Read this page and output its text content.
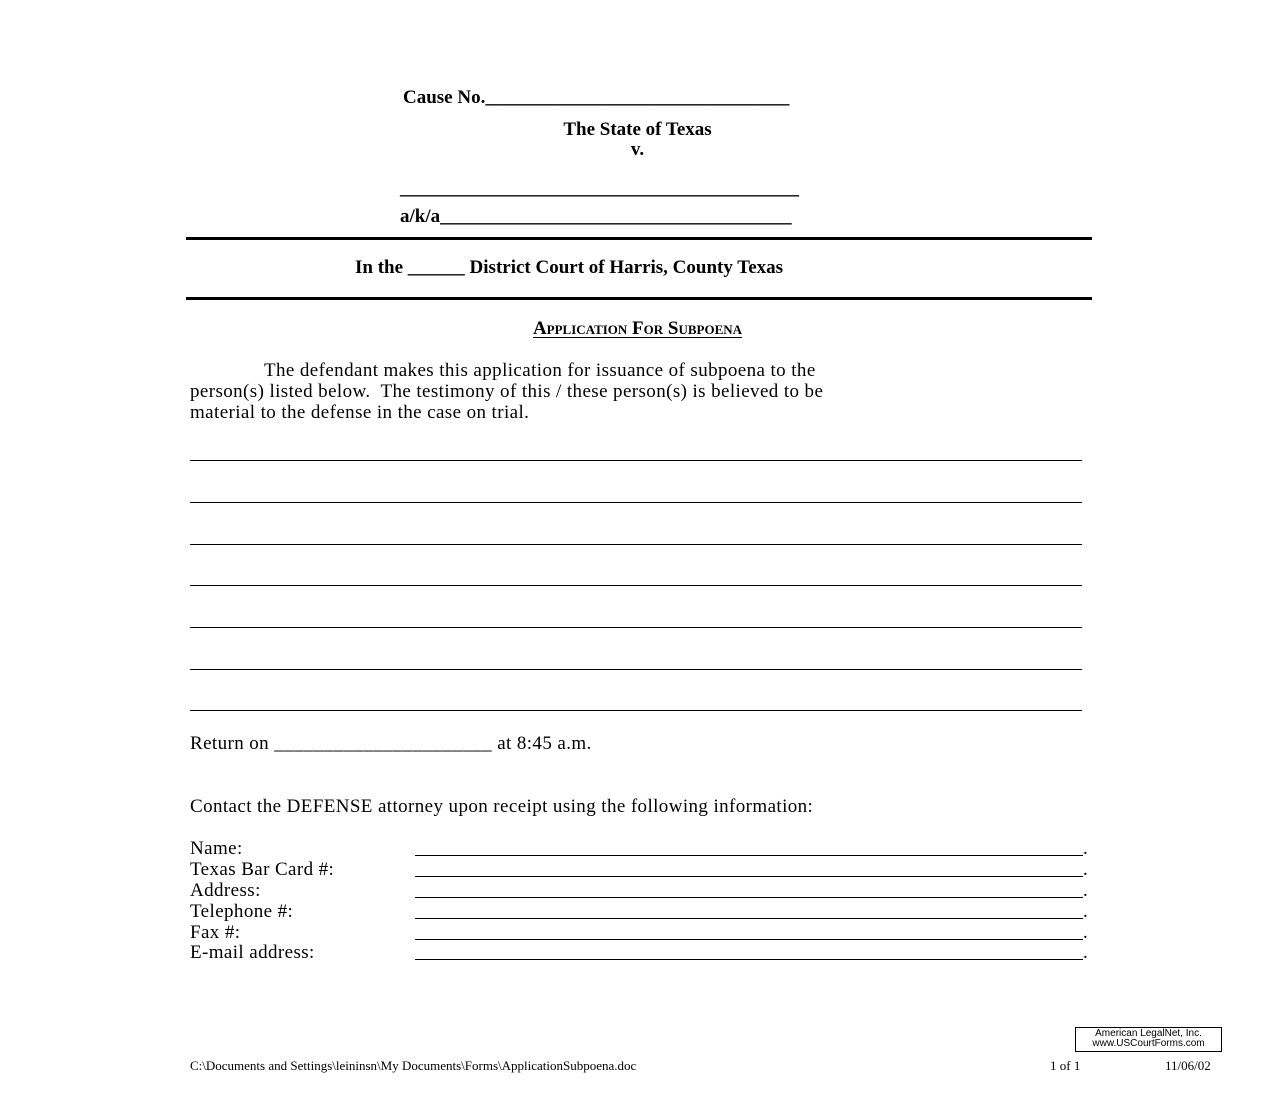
Cause No.________________________________
The State of Texas
v.
__________________________________________
a/k/a_____________________________________
In the ______ District Court of Harris, County Texas
Application For Subpoena
The defendant makes this application for issuance of subpoena to the
person(s) listed below.  The testimony of this / these person(s) is believed to be
material to the defense in the case on trial.
Return on ______________________ at 8:45 a.m.
Contact the DEFENSE attorney upon receipt using the following information:
Name:	.
Texas Bar Card #:	.
Address:	.
Telephone #:	.
Fax #:	.
E-mail address:	.
American LegalNet, Inc.
www.USCourtForms.com
C:\Documents and Settings\leininsn\My Documents\Forms\ApplicationSubpoena.doc	1 of 1	11/06/02
